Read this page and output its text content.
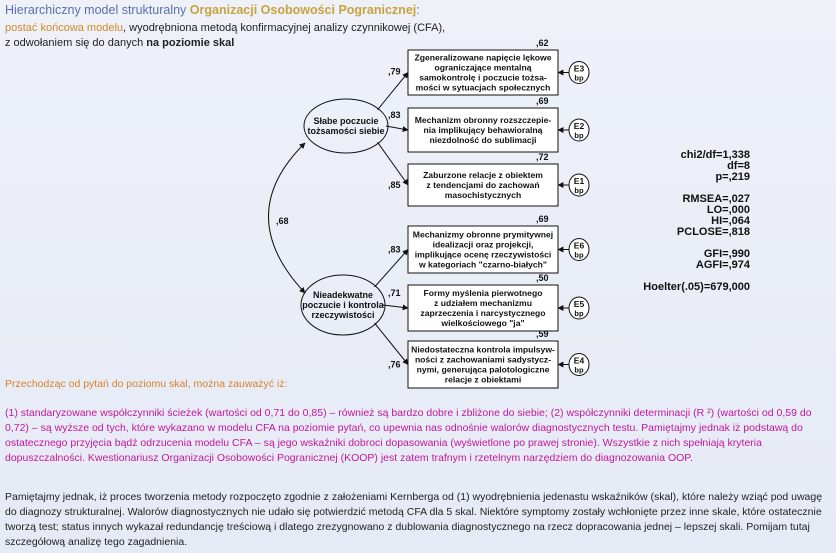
Hierarchiczny model strukturalny Organizacji Osobowości Pogranicznej:
postać końcowa modelu, wyodrębniona metodą konfirmacyjnej analizy czynnikowej (CFA),
z odwołaniem się do danych na poziomie skal
Słabe poczucie
tożsamości siebie
Nieadekwatne
poczucie i kontrola
rzeczywistości
,68
,79
Zgeneralizowane napięcie lękowe
ograniczające mentalną
samokontrolę i poczucie tożsa-
mości w sytuacjach społecznych
,62
E3
bp
,83 Mechanizm obronny rozszczepie-
nia implikujący behawioralną
niezdolność do sublimacji
,69
E2
bp
,85
Zaburzone relacje z obiektem
z tendencjami do zachowań
masochistycznych
,72
E1
bp
,83
Mechanizmy obronne prymitywnej
idealizacji oraz projekcji,
implikujące ocenę rzeczywistości
w kategoriach "czarno-białych"
,69
E6
bp
,71	Formy myślenia pierwotnego
z udziałem mechanizmu
zaprzeczenia i narcystycznego
wielkościowego "ja"
,50
E5
bp
,76
Niedostateczna kontrola impulsyw-
ności z zachowaniami sadystycz-
nymi, generująca palotologiczne
relacje z obiektami
,59
E4
bp
chi2/df=1,338
df=8
p=,219
RMSEA=,027
LO=,000
HI=,064
PCLOSE=,818
GFI=,990
AGFI=,974
Hoelter(.05)=679,000
Przechodząc od pytań do poziomu skal, można zauważyć iż:
(1) standaryzowane współczynniki ścieżek (wartości od 0,71 do 0,85) – również są bardzo dobre i zbliżone do siebie; (2) współczynniki determinacji (R ²) (wartości od 0,59 do 0,72) – są wyższe od tych, które wykazano w modelu CFA na poziomie pytań, co upewnia nas odnośnie walorów diagnostycznych testu. Pamiętajmy jednak iż podstawą do ostatecznego przyjęcia bądź odrzucenia modelu CFA – są jego wskaźniki dobroci dopasowania (wyświetlone po prawej stronie). Wszystkie z nich spełniają kryteria dopuszczalności. Kwestionariusz Organizacji Osobowości Pogranicznej (KOOP) jest zatem trafnym i rzetelnym narzędziem do diagnozowania OOP.
Pamiętajmy jednak, iż proces tworzenia metody rozpoczęto zgodnie z założeniami Kernberga od (1) wyodrębnienia jedenastu wskaźników (skal), które należy wziąć pod uwagę do diagnozy strukturalnej. Walorów diagnostycznych nie udało się potwierdzić metodą CFA dla 5 skal. Niektóre symptomy zostały wchłonięte przez inne skale, które ostatecznie tworzą test; status innych wykazał redundancję treściową i dlatego zrezygnowano z dublowania diagnostycznego na rzecz dopracowania jednej – lepszej skali. Pomijam tutaj szczegółową analizę tego zagadnienia.
